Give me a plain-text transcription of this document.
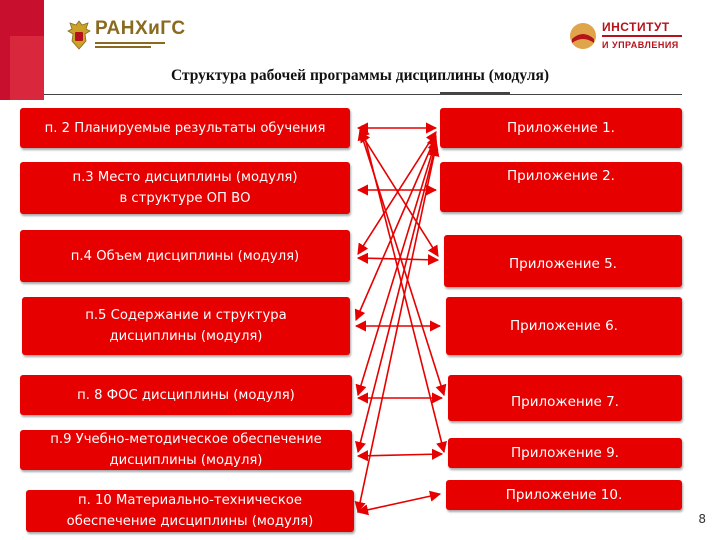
РАНХиГС	ИНСТИТУТ
И УПРАВЛЕНИЯ
Структура рабочей программы дисциплины (модуля)
п. 2 Планируемые результаты обучения
п.3 Место дисциплины (модуля) в структуре ОП ВО
п.4 Объем дисциплины (модуля)
п.5 Содержание и структура дисциплины (модуля)
п. 8 ФОС дисциплины (модуля)
п.9 Учебно-методическое обеспечение дисциплины (модуля)
п. 10 Материально-техническое обеспечение дисциплины (модуля)
Приложение 1.
Приложение 2.
Приложение 5.
Приложение 6.
Приложение 7.
Приложение 9.
Приложение 10.
8
